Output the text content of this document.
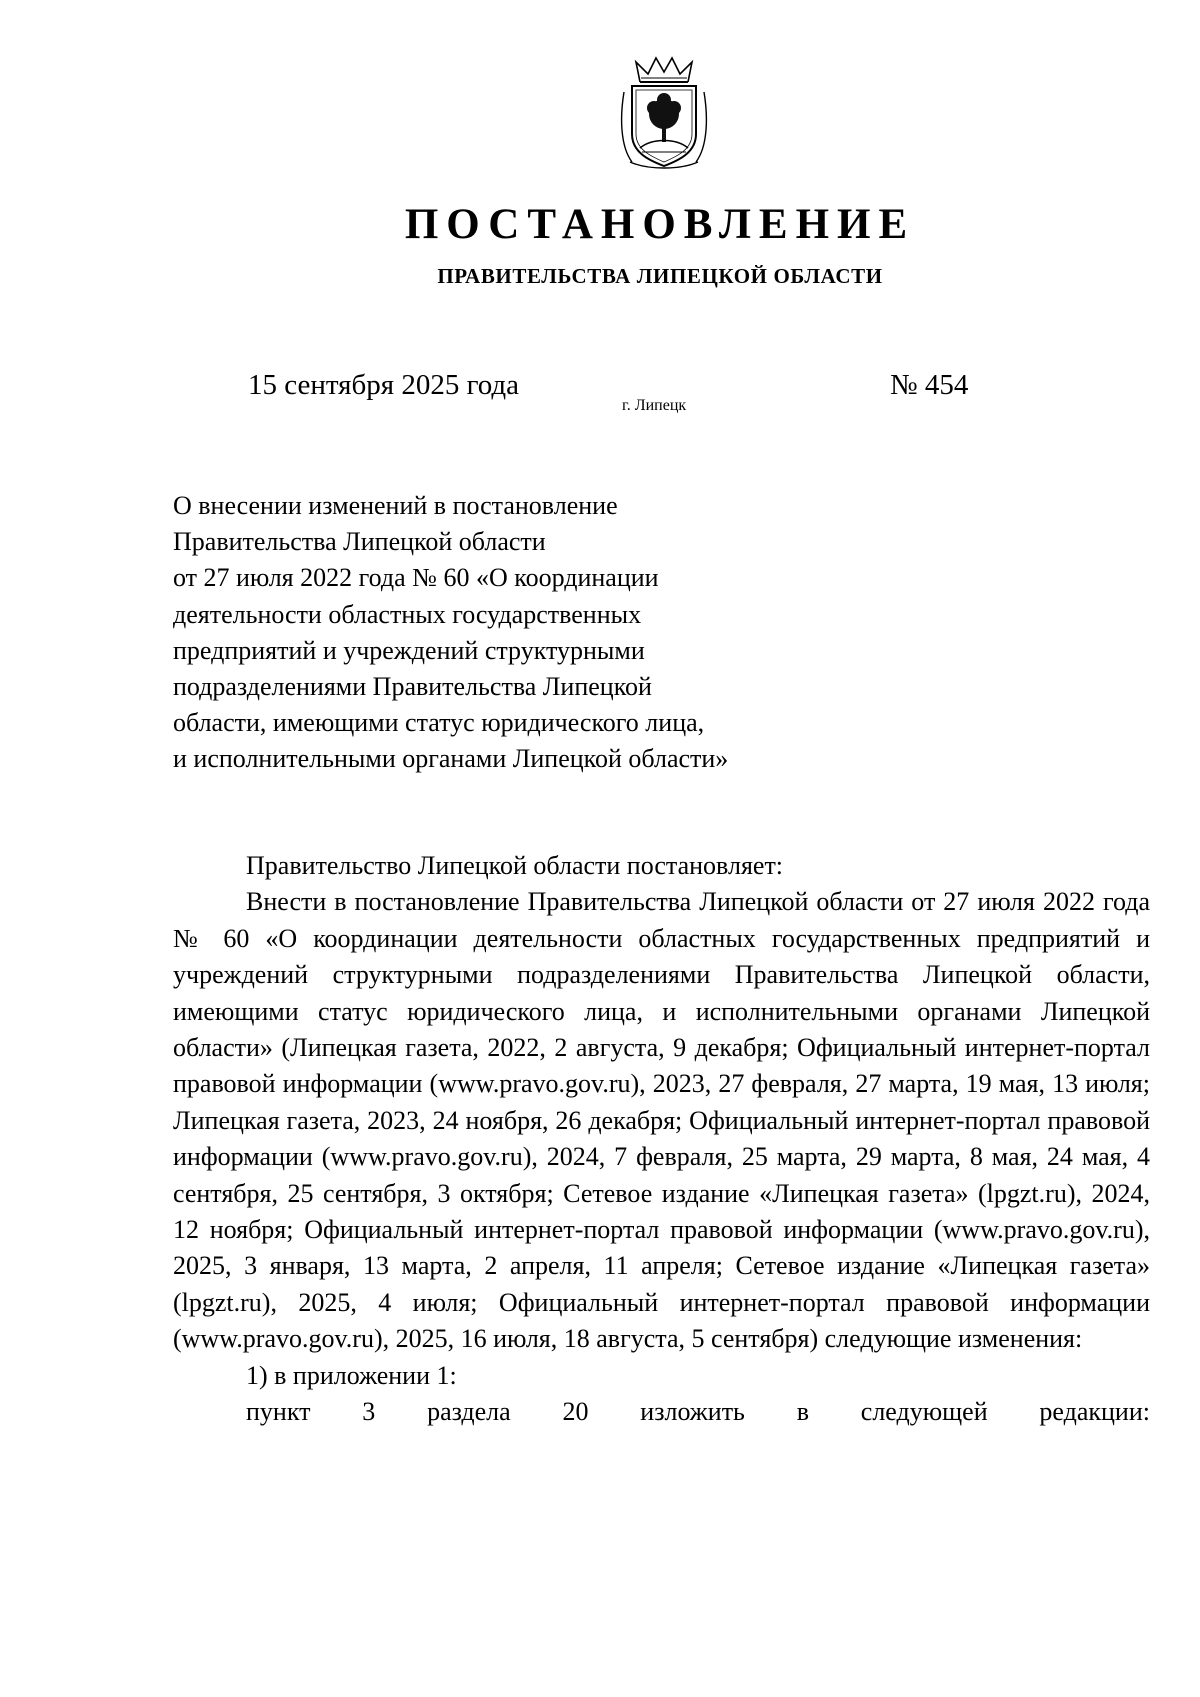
ПОСТАНОВЛЕНИЕ
ПРАВИТЕЛЬСТВА ЛИПЕЦКОЙ ОБЛАСТИ
15 сентября 2025 года
г. Липецк
№ 454
О внесении изменений в постановление
Правительства Липецкой области
от 27 июля 2022 года № 60 «О координации
деятельности областных государственных
предприятий и учреждений структурными
подразделениями Правительства Липецкой
области, имеющими статус юридического лица,
и исполнительными органами Липецкой области»

Правительство Липецкой области постановляет:

Внести в постановление Правительства Липецкой области от 27 июля 2022 года № 60 «О координации деятельности областных государственных предприятий и учреждений структурными подразделениями Правительства Липецкой области, имеющими статус юридического лица, и исполнительными органами Липецкой области» (Липецкая газета, 2022, 2 августа, 9 декабря; Официальный интернет-портал правовой информации (www.pravo.gov.ru), 2023, 27 февраля, 27 марта, 19 мая, 13 июля; Липецкая газета, 2023, 24 ноября, 26 декабря; Официальный интернет-портал правовой информации (www.pravo.gov.ru), 2024, 7 февраля, 25 марта, 29 марта, 8 мая, 24 мая, 4 сентября, 25 сентября, 3 октября; Сетевое издание «Липецкая газета» (lpgzt.ru), 2024, 12 ноября; Официальный интернет-портал правовой информации (www.pravo.gov.ru), 2025, 3 января, 13 марта, 2 апреля, 11 апреля; Сетевое издание «Липецкая газета» (lpgzt.ru), 2025, 4 июля; Официальный интернет-портал правовой информации (www.pravo.gov.ru), 2025, 16 июля, 18 августа, 5 сентября) следующие изменения:

1) в приложении 1:

пункт 3 раздела 20 изложить в следующей редакции:
